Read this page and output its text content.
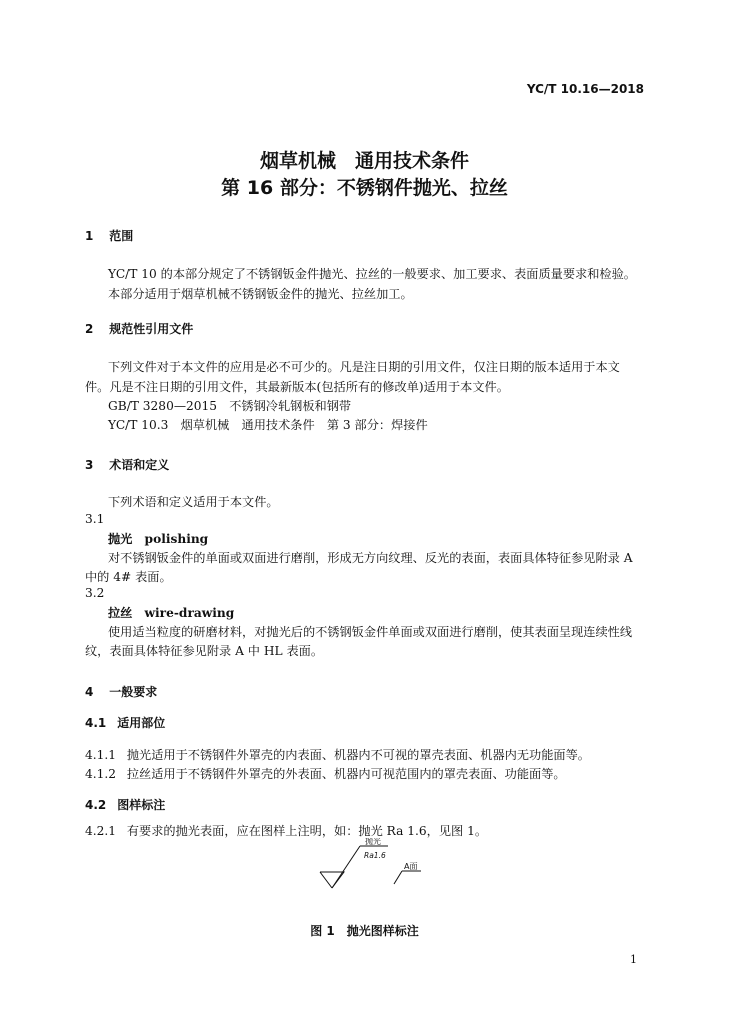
YC/T 10.16—2018
烟草机械　通用技术条件
第 16 部分：不锈钢件抛光、拉丝
1 范围
YC/T 10 的本部分规定了不锈钢钣金件抛光、拉丝的一般要求、加工要求、表面质量要求和检验。
本部分适用于烟草机械不锈钢钣金件的抛光、拉丝加工。
2 规范性引用文件
下列文件对于本文件的应用是必不可少的。凡是注日期的引用文件，仅注日期的版本适用于本文
件。凡是不注日期的引用文件，其最新版本(包括所有的修改单)适用于本文件。
GB/T 3280—2015　不锈钢冷轧钢板和钢带
YC/T 10.3　烟草机械　通用技术条件　第 3 部分：焊接件
3 术语和定义
下列术语和定义适用于本文件。
3.1
抛光　polishing
对不锈钢钣金件的单面或双面进行磨削，形成无方向纹理、反光的表面，表面具体特征参见附录 A
中的 4# 表面。
3.2
拉丝　wire-drawing
使用适当粒度的研磨材料，对抛光后的不锈钢钣金件单面或双面进行磨削，使其表面呈现连续性线
纹，表面具体特征参见附录 A 中 HL 表面。
4 一般要求
4.1 适用部位
4.1.1 抛光适用于不锈钢件外罩壳的内表面、机器内不可视的罩壳表面、机器内无功能面等。
4.1.2 拉丝适用于不锈钢件外罩壳的外表面、机器内可视范围内的罩壳表面、功能面等。
4.2 图样标注
4.2.1 有要求的抛光表面，应在图样上注明，如：抛光 Ra 1.6，见图 1。
抛光
Ra1.6
A面
图 1　抛光图样标注
1
